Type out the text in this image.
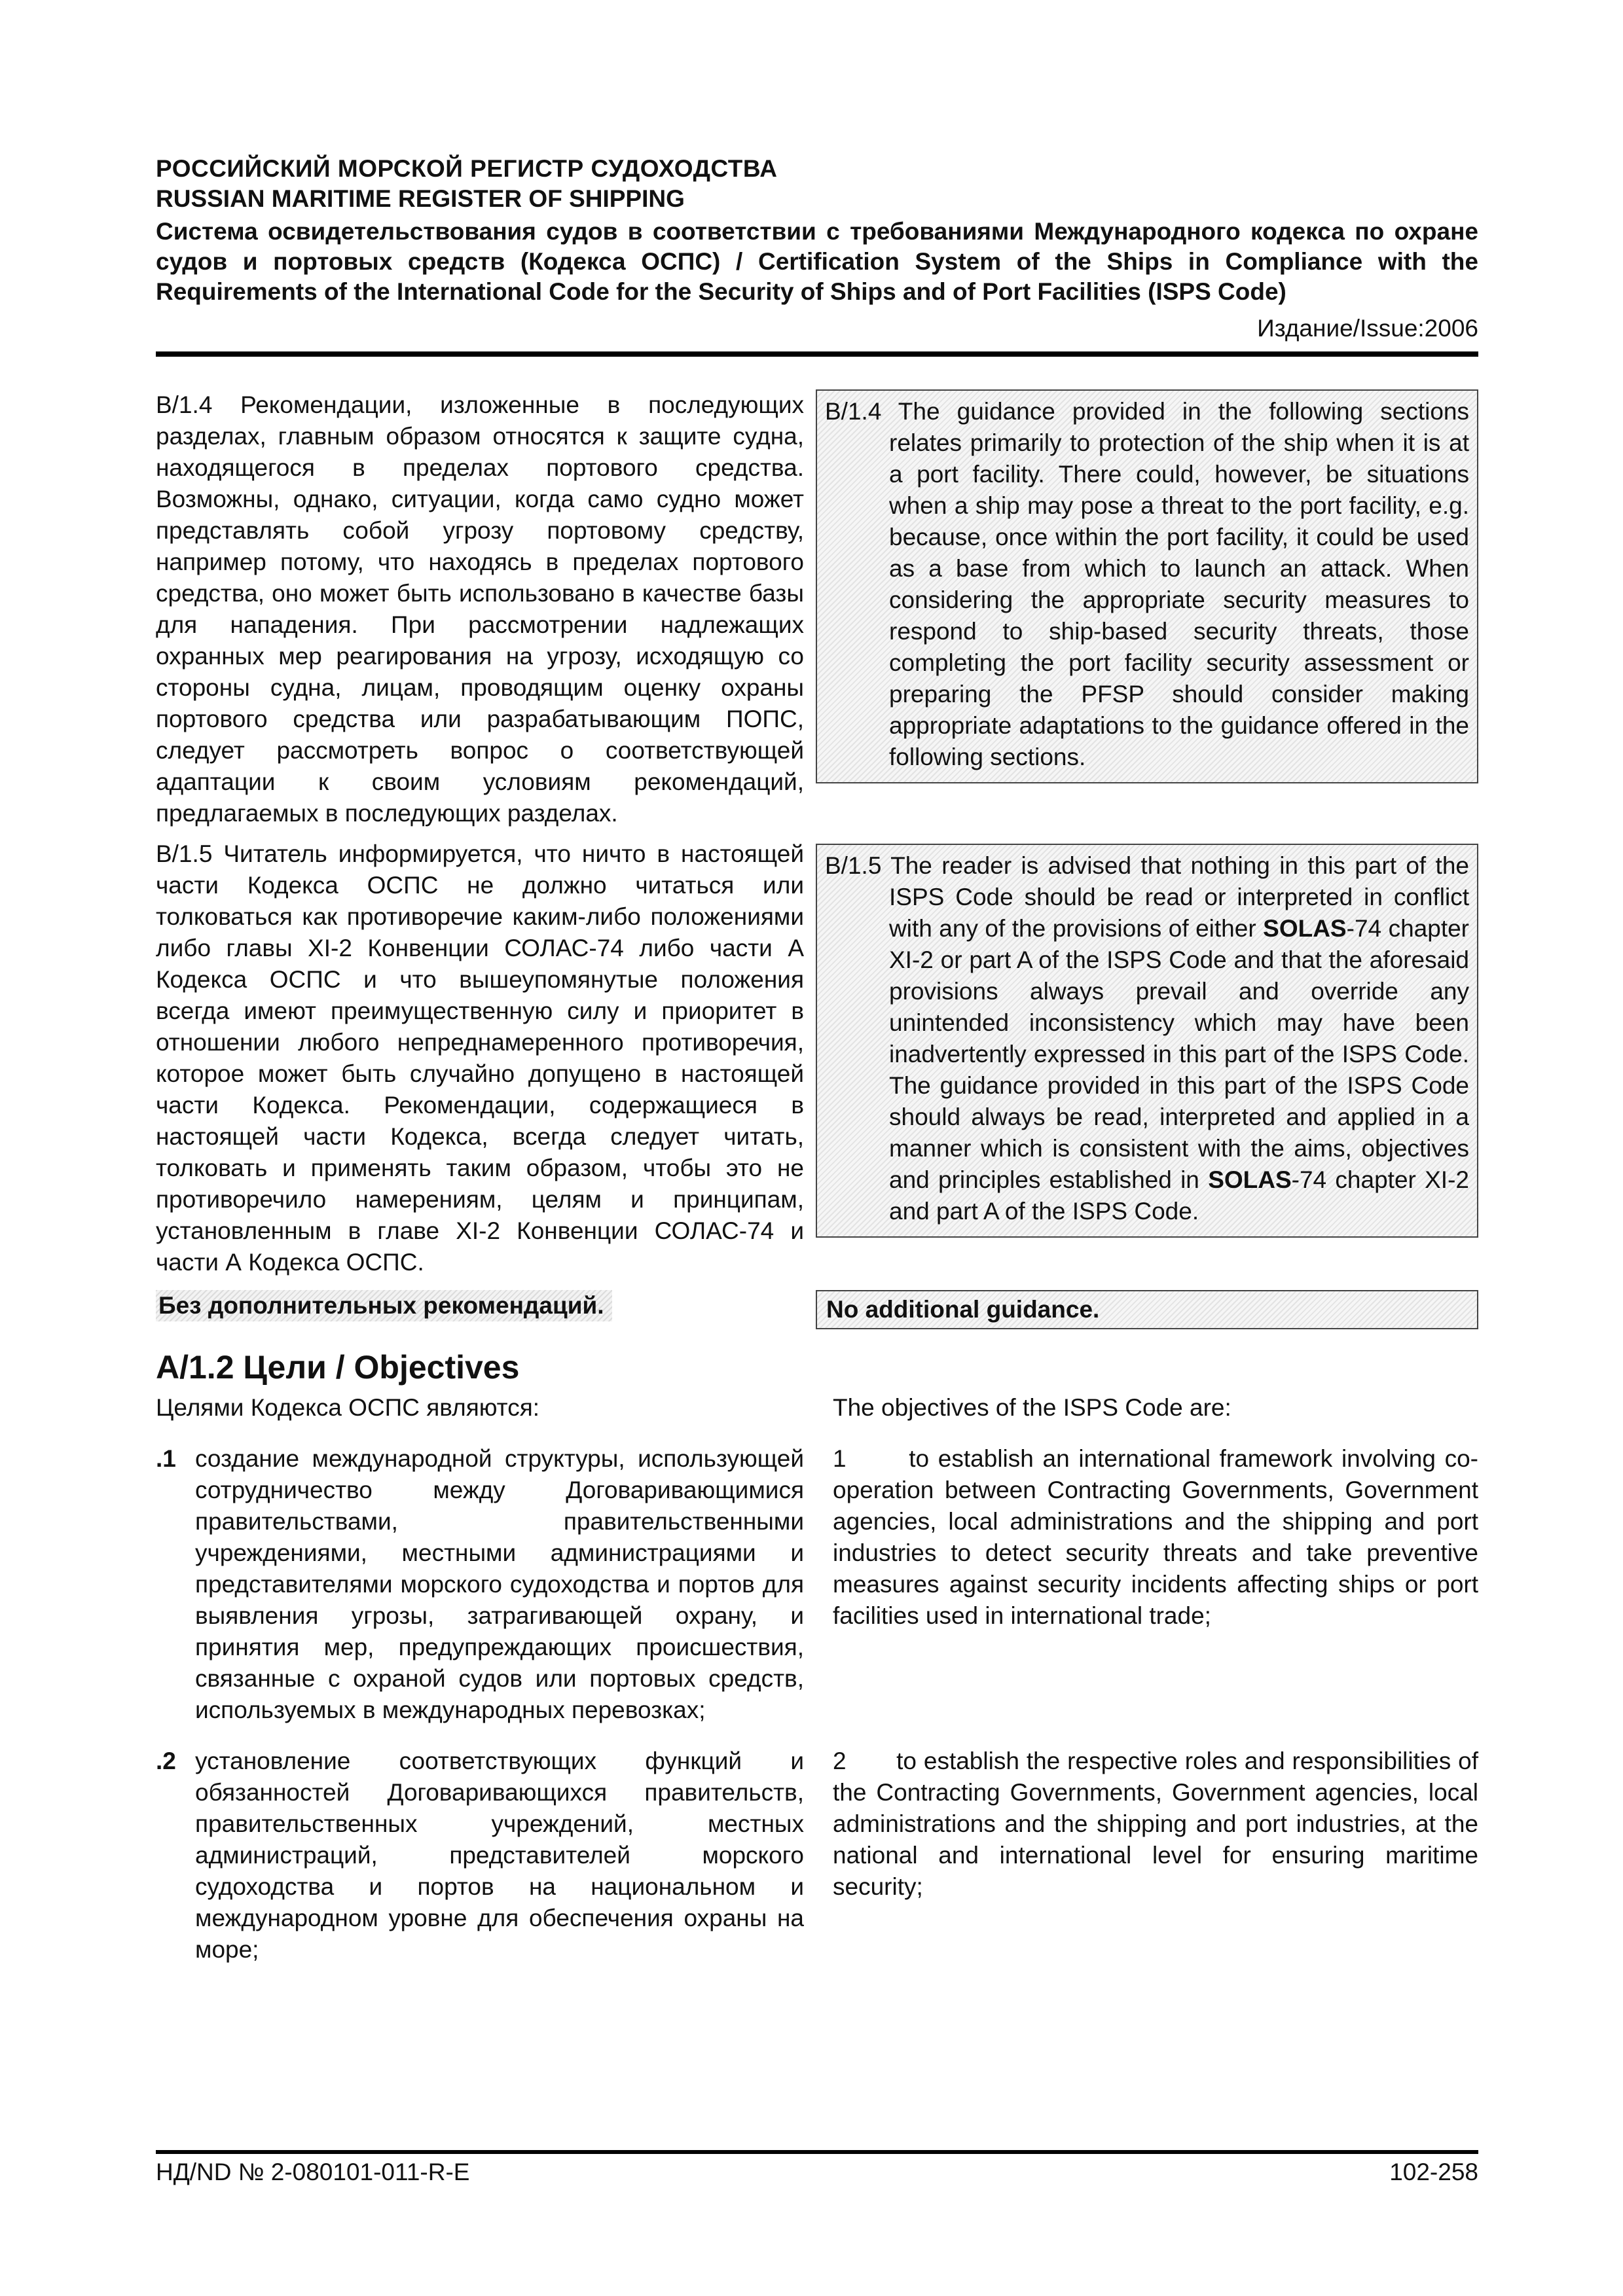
РОССИЙСКИЙ МОРСКОЙ РЕГИСТР СУДОХОДСТВА
RUSSIAN MARITIME REGISTER OF SHIPPING
Система освидетельствования судов в соответствии с требованиями Международного кодекса по охране судов и портовых средств (Кодекса ОСПС) / Certification System of the Ships in Compliance with the Requirements of the International Code for the Security of Ships and of Port Facilities (ISPS Code)
Издание/Issue:2006
В/1.4 Рекомендации, изложенные в последующих разделах, главным образом относятся к защите судна, находящегося в пределах портового средства. Возможны, однако, ситуации, когда само судно может представлять собой угрозу портовому средству, например потому, что находясь в пределах портового средства, оно может быть использовано в качестве базы для нападения. При рассмотрении надлежащих охранных мер реагирования на угрозу, исходящую со стороны судна, лицам, проводящим оценку охраны портового средства или разрабатывающим ПОПС, следует рассмотреть вопрос о соответствующей адаптации к своим условиям рекомендаций, предлагаемых в последующих разделах.
B/1.4 The guidance provided in the following sections relates primarily to protection of the ship when it is at a port facility. There could, however, be situations when a ship may pose a threat to the port facility, e.g. because, once within the port facility, it could be used as a base from which to launch an attack. When considering the appropriate security measures to respond to ship-based security threats, those completing the port facility security assessment or preparing the PFSP should consider making appropriate adaptations to the guidance offered in the following sections.
В/1.5 Читатель информируется, что ничто в настоящей части Кодекса ОСПС не должно читаться или толковаться как противоречие каким-либо положениями либо главы XI-2 Конвенции СОЛАС-74 либо части А Кодекса ОСПС и что вышеупомянутые положения всегда имеют преимущественную силу и приоритет в отношении любого непреднамеренного противоречия, которое может быть случайно допущено в настоящей части Кодекса. Рекомендации, содержащиеся в настоящей части Кодекса, всегда следует читать, толковать и применять таким образом, чтобы это не противоречило намерениям, целям и принципам, установленным в главе XI-2 Конвенции СОЛАС-74 и части А Кодекса ОСПС.
B/1.5 The reader is advised that nothing in this part of the ISPS Code should be read or interpreted in conflict with any of the provisions of either SOLAS-74 chapter XI-2 or part A of the ISPS Code and that the aforesaid provisions always prevail and override any unintended inconsistency which may have been inadvertently expressed in this part of the ISPS Code. The guidance provided in this part of the ISPS Code should always be read, interpreted and applied in a manner which is consistent with the aims, objectives and principles established in SOLAS-74 chapter XI-2 and part A of the ISPS Code.
Без дополнительных рекомендаций.	No additional guidance.
A/1.2 Цели / Objectives
Целями Кодекса ОСПС являются:	The objectives of the ISPS Code are:
.1 создание международной структуры, использующей сотрудничество между Договаривающимися правительствами, правительственными учреждениями, местными администрациями и представителями морского судоходства и портов для выявления угрозы, затрагивающей охрану, и принятия мер, предупреждающих происшествия, связанные с охраной судов или портовых средств, используемых в международных перевозках;
1	to establish an international framework involving co-operation between Contracting Governments, Government agencies, local administrations and the shipping and port industries to detect security threats and take preventive measures against security incidents affecting ships or port facilities used in international trade;
.2 установление соответствующих функций и обязанностей Договаривающихся правительств, правительственных учреждений, местных администраций, представителей морского судоходства и портов на национальном и международном уровне для обеспечения охраны на море;
2 to establish the respective roles and responsibilities of the Contracting Governments, Government agencies, local administrations and the shipping and port industries, at the national and international level for ensuring maritime security;
НД/ND № 2-080101-011-R-E	102-258
